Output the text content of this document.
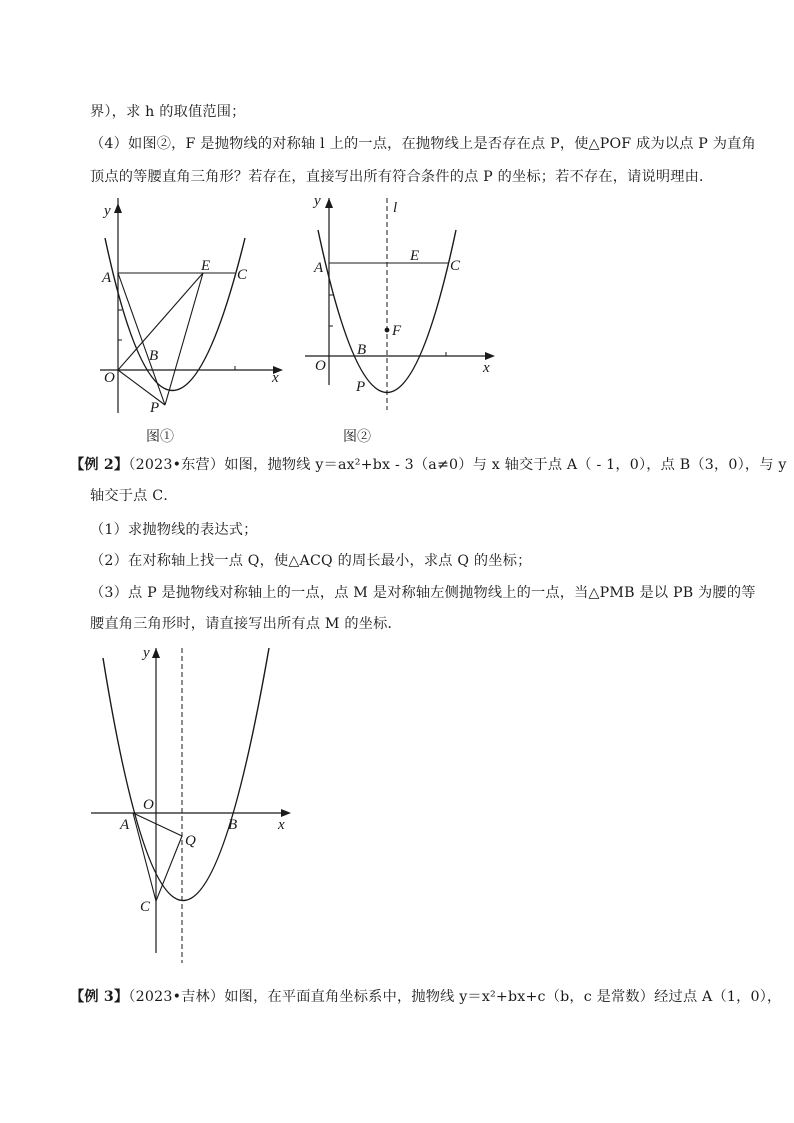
界），求 h 的取值范围；
（4）如图②，F 是抛物线的对称轴 l 上的一点，在抛物线上是否存在点 P，使△POF 成为以点 P 为直角
顶点的等腰直角三角形？若存在，直接写出所有符合条件的点 P 的坐标；若不存在，请说明理由．
y
A
E
C
B
O	x
P
图①
y	l
A
E
C
F
B
O	x
P
图②
【例 2】（2023•东营）如图，抛物线 y＝ax²+bx - 3（a≠0）与 x 轴交于点 A（ - 1，0），点 B（3，0），与 y
轴交于点 C．
（1）求抛物线的表达式；
（2）在对称轴上找一点 Q，使△ACQ 的周长最小，求点 Q 的坐标；
（3）点 P 是抛物线对称轴上的一点，点 M 是对称轴左侧抛物线上的一点，当△PMB 是以 PB 为腰的等
腰直角三角形时，请直接写出所有点 M 的坐标．
y
O
A	B	x
Q
C
【例 3】（2023•吉林）如图，在平面直角坐标系中，抛物线 y＝x²+bx+c（b，c 是常数）经过点 A（1，0），
